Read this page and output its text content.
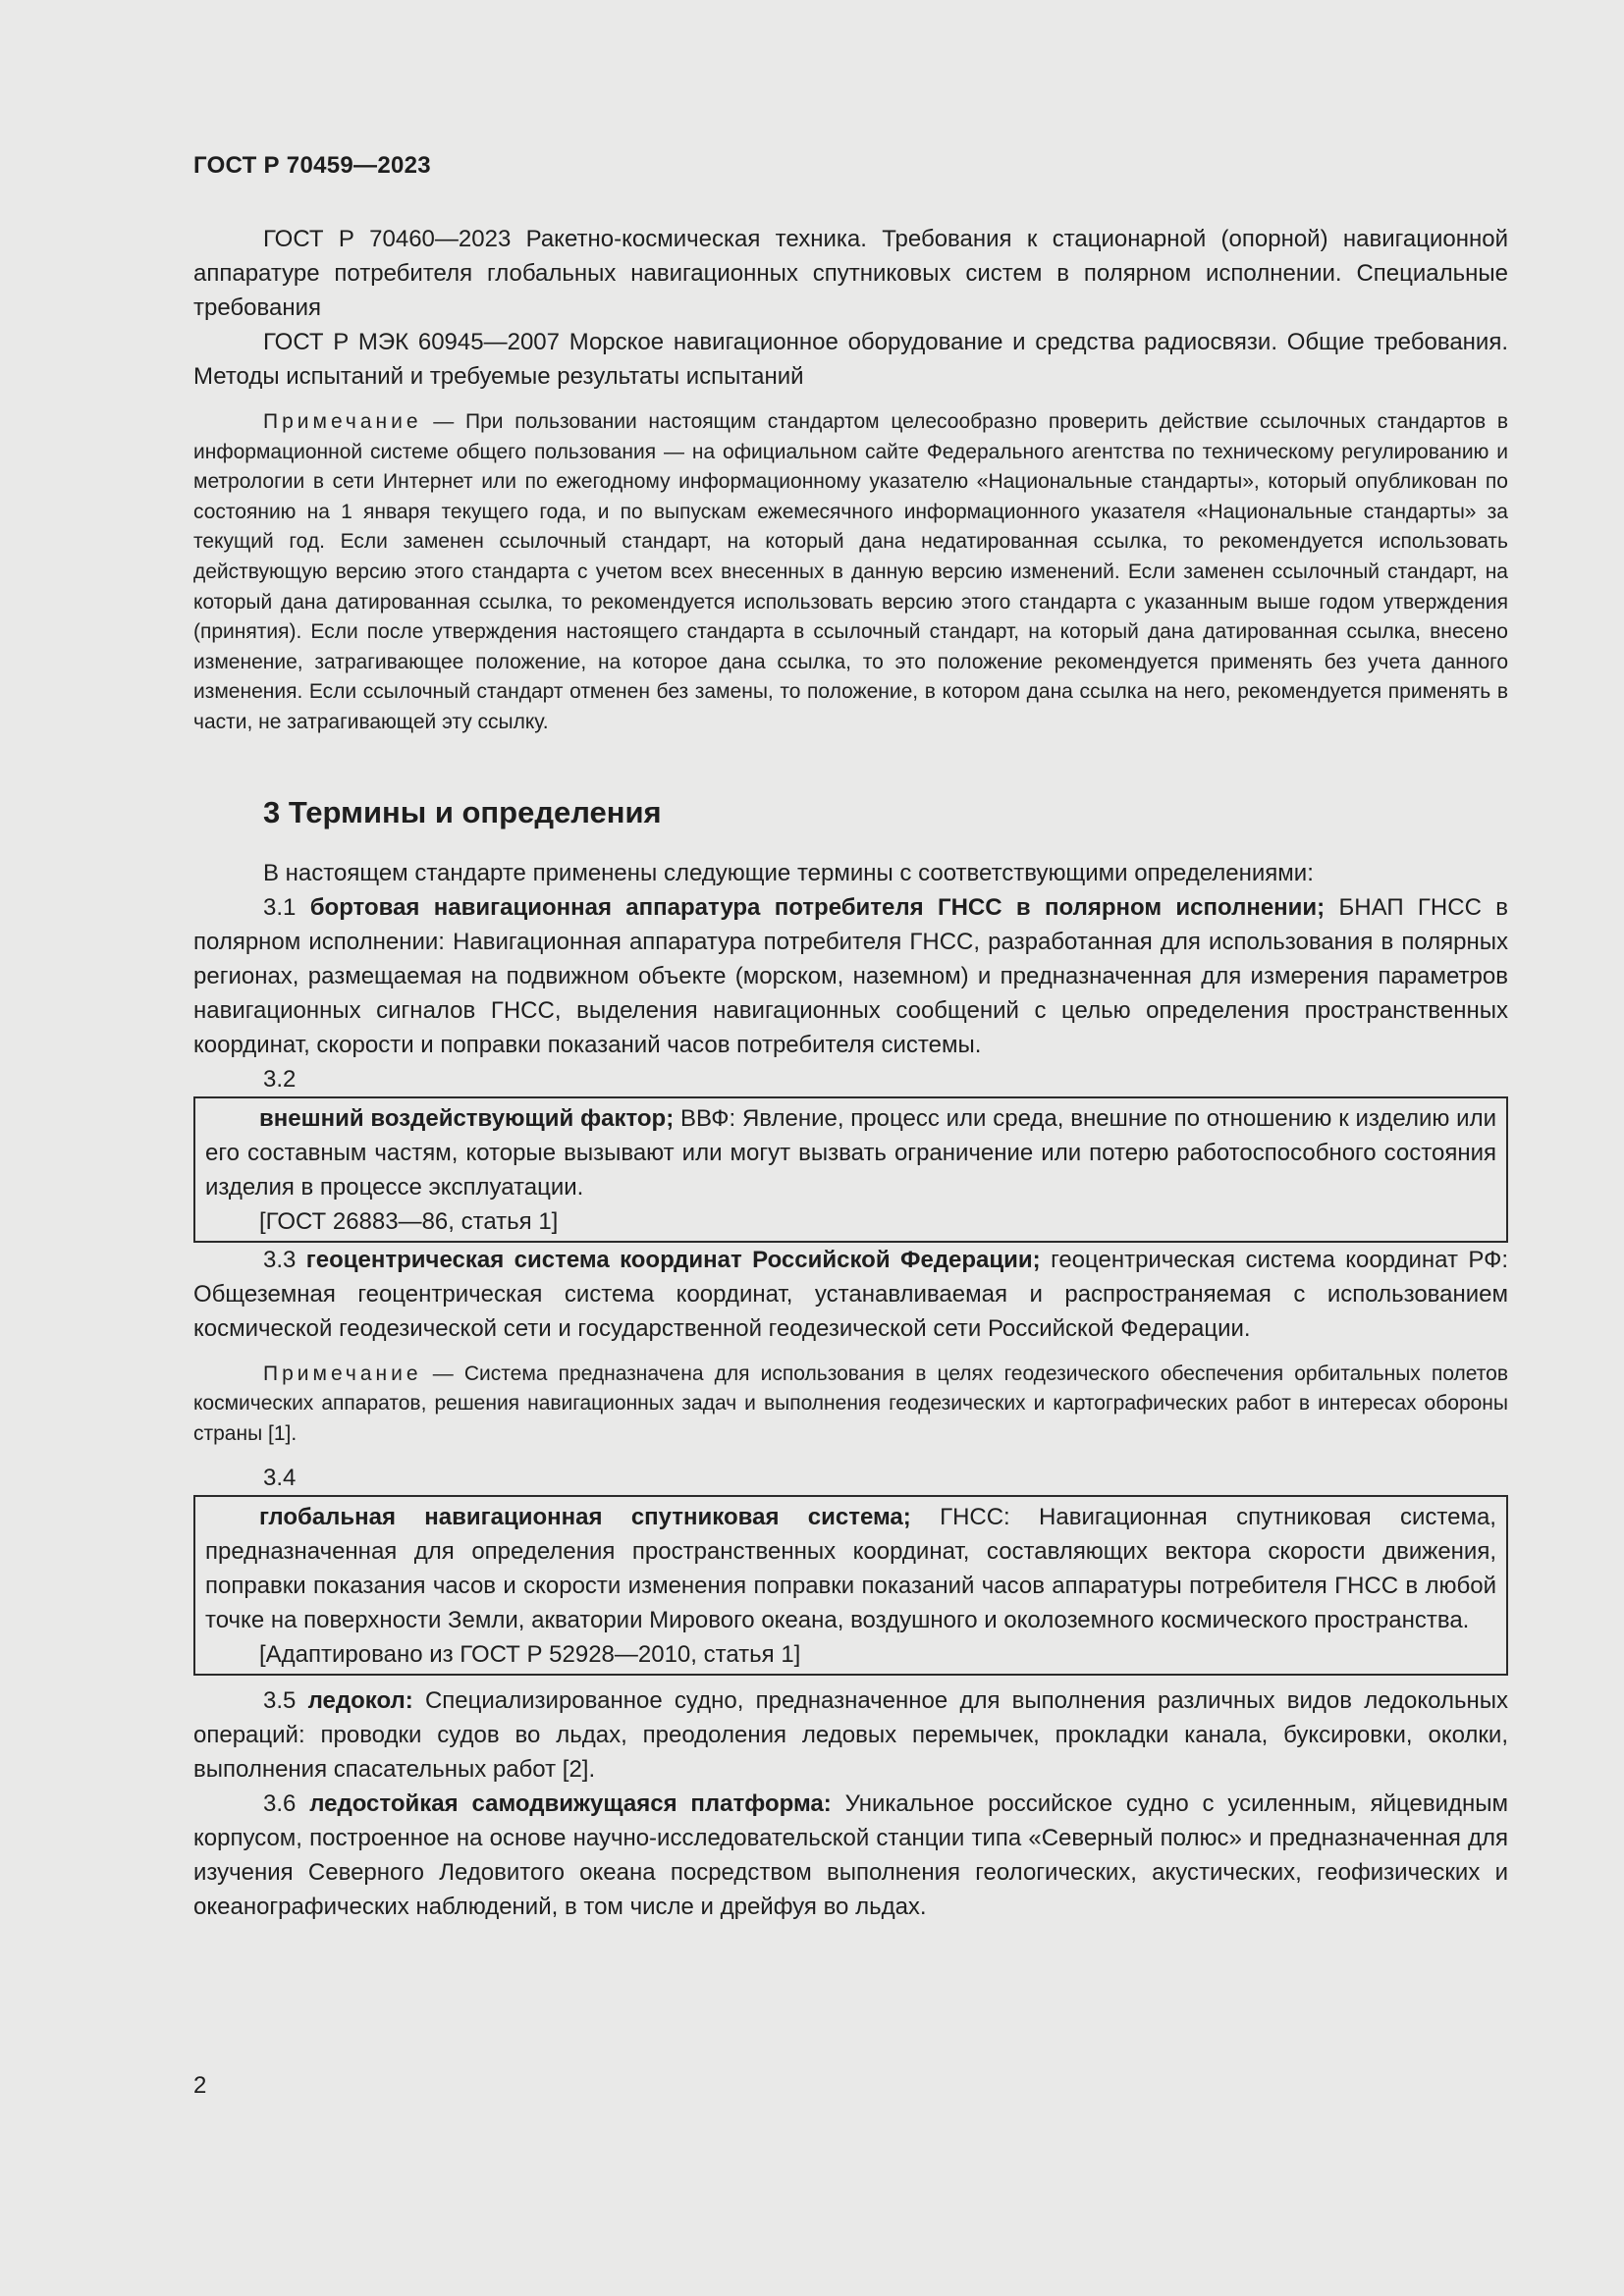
ГОСТ Р 70459—2023

ГОСТ Р 70460—2023 Ракетно-космическая техника. Требования к стационарной (опорной) навигационной аппаратуре потребителя глобальных навигационных спутниковых систем в полярном исполнении. Специальные требования

ГОСТ Р МЭК 60945—2007 Морское навигационное оборудование и средства радиосвязи. Общие требования. Методы испытаний и требуемые результаты испытаний

Примечание — При пользовании настоящим стандартом целесообразно проверить действие ссылочных стандартов в информационной системе общего пользования — на официальном сайте Федерального агентства по техническому регулированию и метрологии в сети Интернет или по ежегодному информационному указателю «Национальные стандарты», который опубликован по состоянию на 1 января текущего года, и по выпускам ежемесячного информационного указателя «Национальные стандарты» за текущий год. Если заменен ссылочный стандарт, на который дана недатированная ссылка, то рекомендуется использовать действующую версию этого стандарта с учетом всех внесенных в данную версию изменений. Если заменен ссылочный стандарт, на который дана датированная ссылка, то рекомендуется использовать версию этого стандарта с указанным выше годом утверждения (принятия). Если после утверждения настоящего стандарта в ссылочный стандарт, на который дана датированная ссылка, внесено изменение, затрагивающее положение, на которое дана ссылка, то это положение рекомендуется применять без учета данного изменения. Если ссылочный стандарт отменен без замены, то положение, в котором дана ссылка на него, рекомендуется применять в части, не затрагивающей эту ссылку.

3 Термины и определения

В настоящем стандарте применены следующие термины с соответствующими определениями:

3.1 бортовая навигационная аппаратура потребителя ГНСС в полярном исполнении; БНАП ГНСС в полярном исполнении: Навигационная аппаратура потребителя ГНСС, разработанная для использования в полярных регионах, размещаемая на подвижном объекте (морском, наземном) и предназначенная для измерения параметров навигационных сигналов ГНСС, выделения навигационных сообщений с целью определения пространственных координат, скорости и поправки показаний часов потребителя системы.

3.2

внешний воздействующий фактор; ВВФ: Явление, процесс или среда, внешние по отношению к изделию или его составным частям, которые вызывают или могут вызвать ограничение или потерю работоспособного состояния изделия в процессе эксплуатации.

[ГОСТ 26883—86, статья 1]

3.3 геоцентрическая система координат Российской Федерации; геоцентрическая система координат РФ: Общеземная геоцентрическая система координат, устанавливаемая и распространяемая с использованием космической геодезической сети и государственной геодезической сети Российской Федерации.

Примечание — Система предназначена для использования в целях геодезического обеспечения орбитальных полетов космических аппаратов, решения навигационных задач и выполнения геодезических и картографических работ в интересах обороны страны [1].

3.4

глобальная навигационная спутниковая система; ГНСС: Навигационная спутниковая система, предназначенная для определения пространственных координат, составляющих вектора скорости движения, поправки показания часов и скорости изменения поправки показаний часов аппаратуры потребителя ГНСС в любой точке на поверхности Земли, акватории Мирового океана, воздушного и околоземного космического пространства.

[Адаптировано из ГОСТ Р 52928—2010, статья 1]

3.5 ледокол: Специализированное судно, предназначенное для выполнения различных видов ледокольных операций: проводки судов во льдах, преодоления ледовых перемычек, прокладки канала, буксировки, околки, выполнения спасательных работ [2].

3.6 ледостойкая самодвижущаяся платформа: Уникальное российское судно с усиленным, яйцевидным корпусом, построенное на основе научно-исследовательской станции типа «Северный полюс» и предназначенная для изучения Северного Ледовитого океана посредством выполнения геологических, акустических, геофизических и океанографических наблюдений, в том числе и дрейфуя во льдах.

2
